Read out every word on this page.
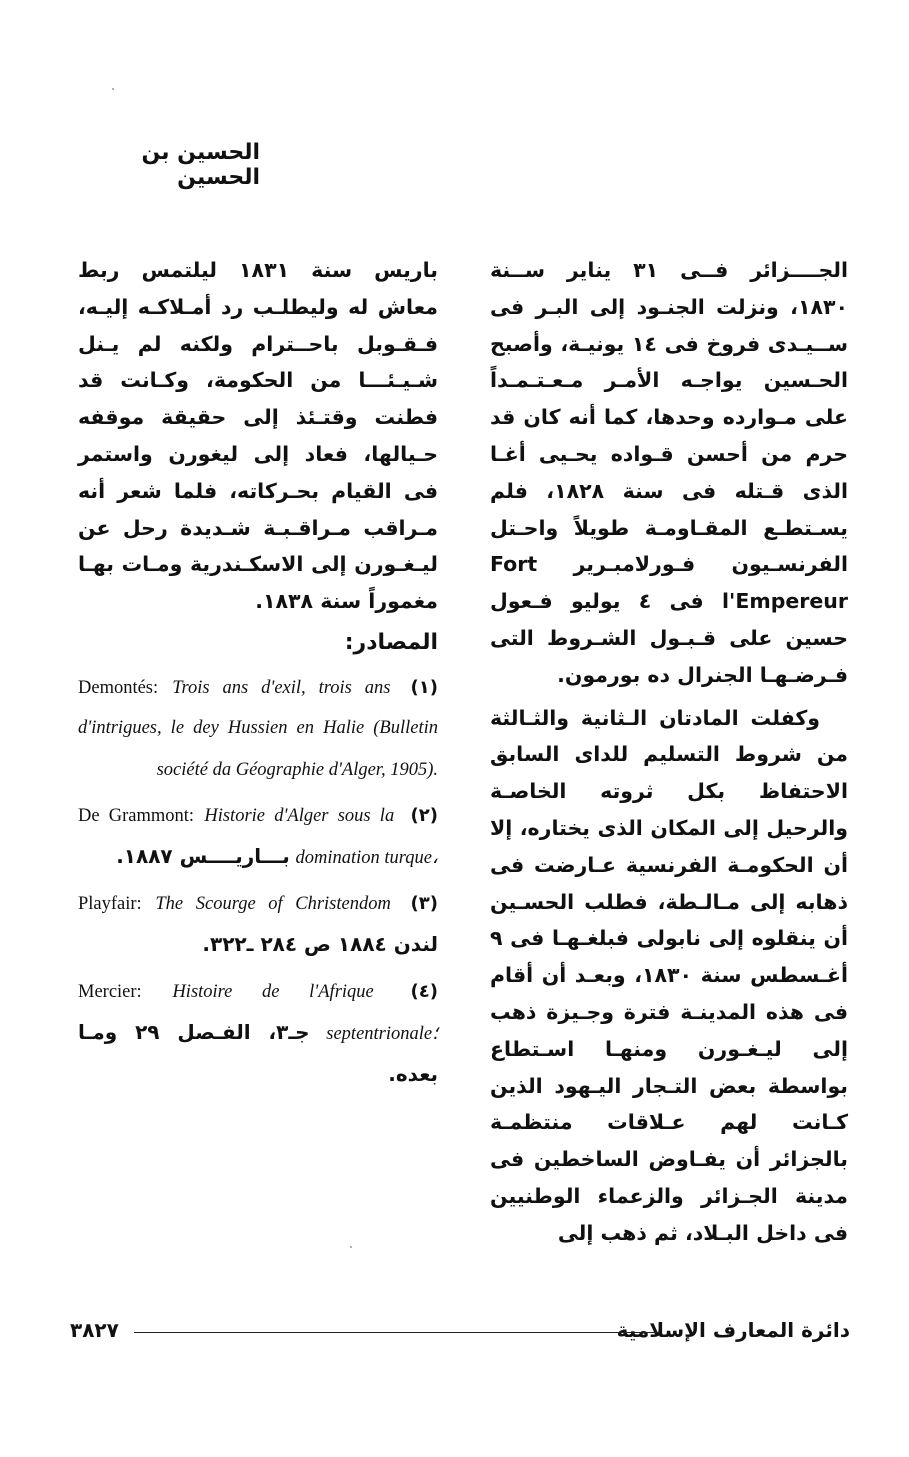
الحسين بن الحسين

الجــــزائر فــى ٣١ يناير ســنة ١٨٣٠، ونزلت الجنـود إلى البـر فى ســيـدى فروخ فى ١٤ يونيـة، وأصبح الحـسين يواجـه الأمـر مـعـتـمـداً على مـوارده وحدها، كما أنه كان قد حرم من أحسن قـواده يحـيى أغـا الذى قـتله فى سنة ١٨٢٨، فلم يسـتطـع المقـاومـة طويلاً واحـتل الفرنسـيون فـورلامبـرير Fort l'Empereur فى ٤ يوليو فـعول حسين على قـبـول الشـروط التى فـرضـهـا الجنرال ده بورمون.

وكفلت المادتان الـثانية والثـالثة من شروط التسليم للداى السابق الاحتفاظ بكل ثروته الخاصـة والرحيل إلى المكان الذى يختاره، إلا أن الحكومـة الفرنسية عـارضت فى ذهابه إلى مـالـطة، فطلب الحسـين أن ينقلوه إلى نابولى فبلغـهـا فى ٩ أغـسطس سنة ١٨٣٠، وبعـد أن أقام فى هذه المدينـة فترة وجـيزة ذهب إلى ليـغـورن ومنهـا اسـتطاع بواسطة بعض التـجار اليـهود الذين كـانت لهم عـلاقات منتظمـة بالجزائر أن يفـاوض الساخطين فى مدينة الجـزائر والزعماء الوطنيين فى داخل البـلاد، ثم ذهب إلى

باريس سنة ١٨٣١ ليلتمس ربط معاش له وليطلـب رد أمـلاكـه إليـه، فـقـوبل باحــترام ولكنه لم يـنل شـيـئـــا من الحكومة، وكـانت قد فطنت وقتـئذ إلى حقيقة موقفه حـيالها، فعاد إلى ليغورن واستمر فى القيام بحـركاته، فلما شعر أنه مـراقب مـراقـبـة شـديدة رحل عن ليـغـورن إلى الاسكـندرية ومـات بهـا مغموراً سنة ١٨٣٨.

المصادر:

(١) Demontés: Trois ans d'exil, trois ans d'intrigues, le dey Hussien en Halie (Bulletin société da Géographie d'Alger, 1905).

(٢) De Grammont: Historie d'Alger sous la domination turque، بـــاريــــس ١٨٨٧.

(٣) Playfair: The Scourge of Christendom لندن ١٨٨٤ ص ٢٨٤ ـ٣٢٢.

(٤) Mercier: Histoire de l'Afrique septentrionale؛ جـ٣، الفـصل ٢٩ ومـا بعده.

دائرة المعارف الإسلامية
٣٨٢٧
